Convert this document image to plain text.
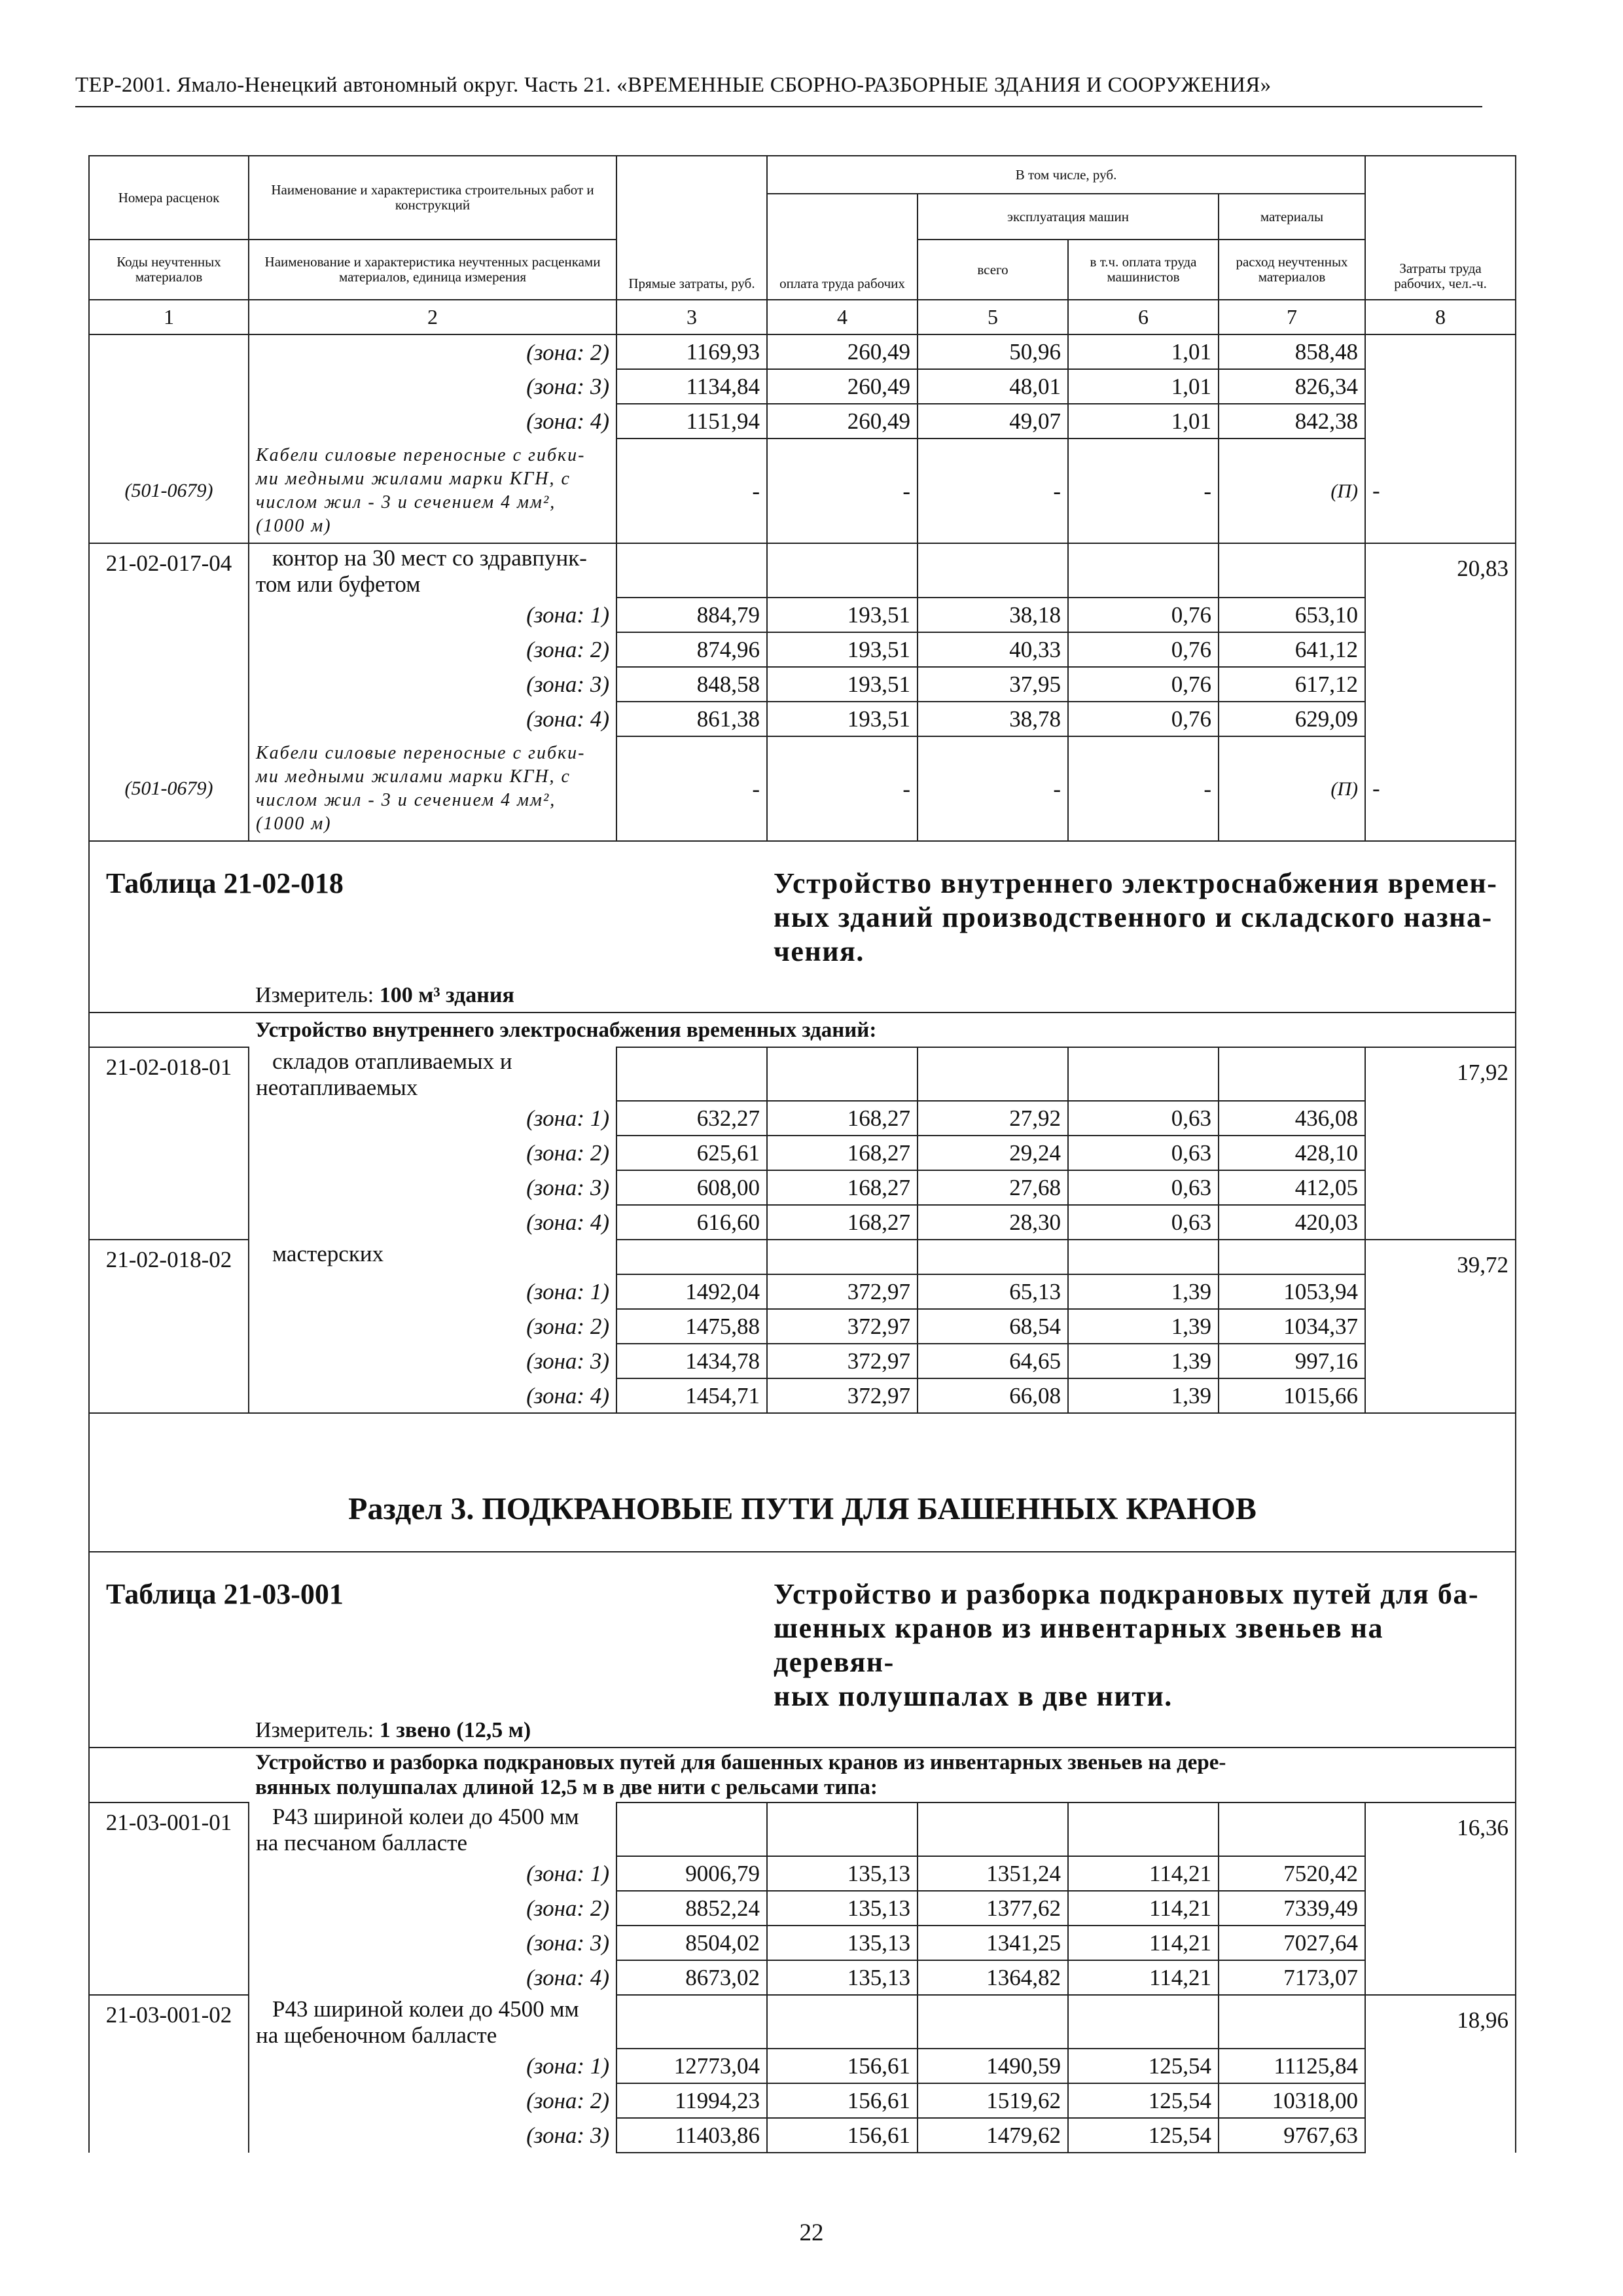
ТЕР-2001. Ямало-Ненецкий автономный округ. Часть 21. «ВРЕМЕННЫЕ СБОРНО-РАЗБОРНЫЕ ЗДАНИЯ И СООРУЖЕНИЯ»
Номера расценок	Наименование и характеристика строительных работ и конструкций	Прямые затраты, руб.	В том числе, руб.				Затраты труда рабочих, чел.-ч.
			оплата труда рабочих	эксплуатация машин		материалы	
Коды неучтенных материалов	Наименование и характеристика неучтенных расценками материалов, единица измерения			всего	в т.ч. оплата труда машинистов	расход неучтенных материалов	

1	2	3	4	5	6	7	8
	(зона: 2)	1169,93	260,49	50,96	1,01	858,48	
	(зона: 3)	1134,84	260,49	48,01	1,01	826,34	
	(зона: 4)	1151,94	260,49	49,07	1,01	842,38	
(501-0679)	Кабели силовые переносные с гибки-
ми медными жилами марки КГН, с
числом жил - 3 и сечением 4 мм²,
(1000 м)	-	-	-	-	(П)	-
21-02-017-04	контор на 30 мест со здравпунк-
том или буфетом						20,83
	(зона: 1)	884,79	193,51	38,18	0,76	653,10	
	(зона: 2)	874,96	193,51	40,33	0,76	641,12	
	(зона: 3)	848,58	193,51	37,95	0,76	617,12	
	(зона: 4)	861,38	193,51	38,78	0,76	629,09	
(501-0679)	Кабели силовые переносные с гибки-
ми медными жилами марки КГН, с
числом жил - 3 и сечением 4 мм²,
(1000 м)	-	-	-	-	(П)	-
Таблица 21-02-018			Устройство внутреннего электроснабжения времен-
ных зданий производственного и складского назна-
чения.				

	Измеритель: 100 м³ здания						

	Устройство внутреннего электроснабжения временных зданий:						

21-02-018-01	складов отапливаемых и
неотапливаемых						17,92
	(зона: 1)	632,27	168,27	27,92	0,63	436,08	
	(зона: 2)	625,61	168,27	29,24	0,63	428,10	
	(зона: 3)	608,00	168,27	27,68	0,63	412,05	
	(зона: 4)	616,60	168,27	28,30	0,63	420,03	
21-02-018-02	мастерских						39,72
	(зона: 1)	1492,04	372,97	65,13	1,39	1053,94	
	(зона: 2)	1475,88	372,97	68,54	1,39	1034,37	
	(зона: 3)	1434,78	372,97	64,65	1,39	997,16	
	(зона: 4)	1454,71	372,97	66,08	1,39	1015,66	
Раздел 3. ПОДКРАНОВЫЕ ПУТИ ДЛЯ БАШЕННЫХ КРАНОВ							
Таблица 21-03-001			Устройство и разборка подкрановых путей для ба-
шенных кранов из инвентарных звеньев на деревян-
ных полушпалах в две нити.				

	Измеритель: 1 звено (12,5 м)						

	Устройство и разборка подкрановых путей для башенных кранов из инвентарных звеньев на дере-
вянных полушпалах длиной 12,5 м в две нити с рельсами типа:						

21-03-001-01	Р43 шириной колеи до 4500 мм
на песчаном балласте						16,36
	(зона: 1)	9006,79	135,13	1351,24	114,21	7520,42	
	(зона: 2)	8852,24	135,13	1377,62	114,21	7339,49	
	(зона: 3)	8504,02	135,13	1341,25	114,21	7027,64	
	(зона: 4)	8673,02	135,13	1364,82	114,21	7173,07	
21-03-001-02	Р43 шириной колеи до 4500 мм
на щебеночном балласте						18,96
	(зона: 1)	12773,04	156,61	1490,59	125,54	11125,84	
	(зона: 2)	11994,23	156,61	1519,62	125,54	10318,00	
	(зона: 3)	11403,86	156,61	1479,62	125,54	9767,63	
22
